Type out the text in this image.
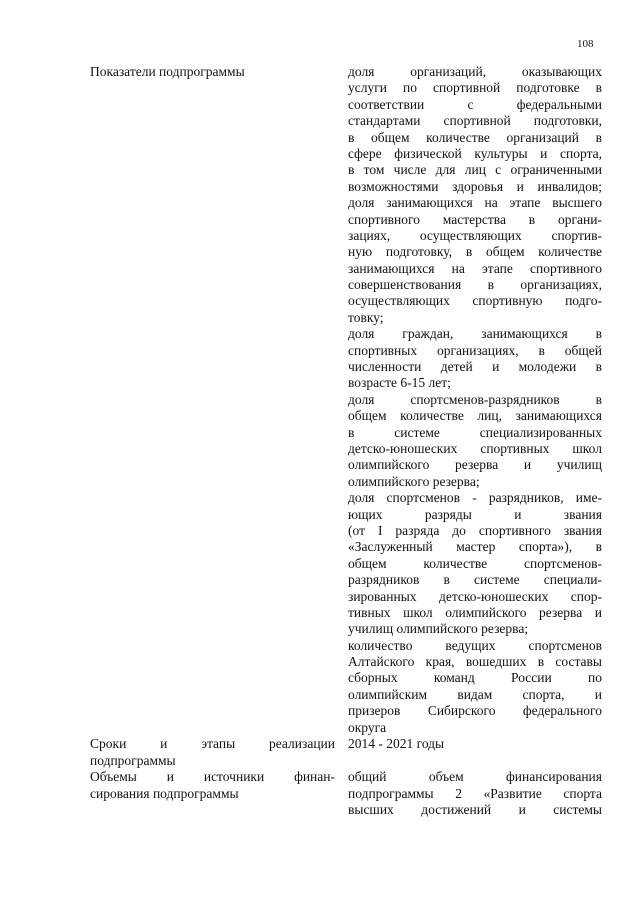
108
Показатели подпрограммы	доля организаций, оказывающих
услуги по спортивной подготовке в
соответствии с федеральными
стандартами спортивной подготовки,
в общем количестве организаций в
сфере физической культуры и спорта,
в том числе для лиц с ограниченными
возможностями здоровья и инвалидов;
доля занимающихся на этапе высшего
спортивного мастерства в органи-
зациях, осуществляющих спортив-
ную подготовку, в общем количестве
занимающихся на этапе спортивного
совершенствования в организациях,
осуществляющих спортивную подго-
товку;
доля граждан, занимающихся в
спортивных организациях, в общей
численности детей и молодежи в
возрасте 6-15 лет;
доля спортсменов-разрядников в
общем количестве лиц, занимающихся
в системе специализированных
детско-юношеских спортивных школ
олимпийского резерва и училищ
олимпийского резерва;
доля спортсменов - разрядников, име-
ющих разряды и звания
(от I разряда до спортивного звания
«Заслуженный мастер спорта»), в
общем количестве спортсменов-
разрядников в системе специали-
зированных детско-юношеских спор-
тивных школ олимпийского резерва и
училищ олимпийского резерва;
количество ведущих спортсменов
Алтайского края, вошедших в составы
сборных команд России по
олимпийским видам спорта, и
призеров Сибирского федерального
округа
Сроки и этапы реализации
подпрограммы
2014 - 2021 годы
Объемы и источники финан-
сирования подпрограммы
общий объем финансирования
подпрограммы 2 «Развитие спорта
высших достижений и системы
